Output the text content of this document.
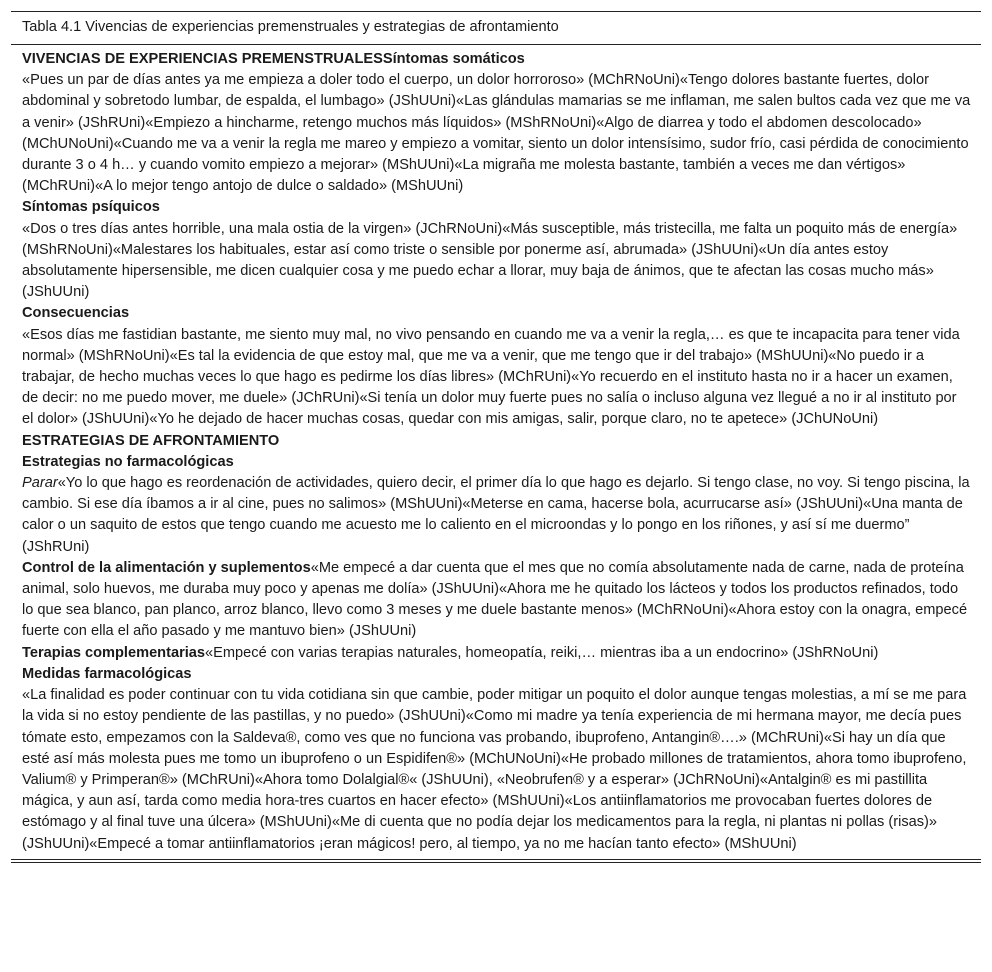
Tabla 4.1 Vivencias de experiencias premenstruales y estrategias de afrontamiento

VIVENCIAS DE EXPERIENCIAS PREMENSTRUALESSíntomas somáticos

«Pues un par de días antes ya me empieza a doler todo el cuerpo, un dolor horroroso» (MChRNoUni)«Tengo dolores bastante fuertes, dolor abdominal y sobretodo lumbar, de espalda, el lumbago» (JShUUni)«Las glándulas mamarias se me inflaman, me salen bultos cada vez que me va a venir» (JShRUni)«Empiezo a hincharme, retengo muchos más líquidos» (MShRNoUni)«Algo de diarrea y todo el abdomen descolocado» (MChUNoUni)«Cuando me va a venir la regla me mareo y empiezo a vomitar, siento un dolor intensísimo, sudor frío, casi pérdida de conocimiento durante 3 o 4 h… y cuando vomito empiezo a mejorar» (MShUUni)«La migraña me molesta bastante, también a veces me dan vértigos» (MChRUni)«A lo mejor tengo antojo de dulce o saldado» (MShUUni)

Síntomas psíquicos

«Dos o tres días antes horrible, una mala ostia de la virgen» (JChRNoUni)«Más susceptible, más tristecilla, me falta un poquito más de energía» (MShRNoUni)«Malestares los habituales, estar así como triste o sensible por ponerme así, abrumada» (JShUUni)«Un día antes estoy absolutamente hipersensible, me dicen cualquier cosa y me puedo echar a llorar, muy baja de ánimos, que te afectan las cosas mucho más» (JShUUni)

Consecuencias

«Esos días me fastidian bastante, me siento muy mal, no vivo pensando en cuando me va a venir la regla,… es que te incapacita para tener vida normal» (MShRNoUni)«Es tal la evidencia de que estoy mal, que me va a venir, que me tengo que ir del trabajo» (MShUUni)«No puedo ir a trabajar, de hecho muchas veces lo que hago es pedirme los días libres» (MChRUni)«Yo recuerdo en el instituto hasta no ir a hacer un examen, de decir: no me puedo mover, me duele» (JChRUni)«Si tenía un dolor muy fuerte pues no salía o incluso alguna vez llegué a no ir al instituto por el dolor» (JShUUni)«Yo he dejado de hacer muchas cosas, quedar con mis amigas, salir, porque claro, no te apetece» (JChUNoUni)

ESTRATEGIAS DE AFRONTAMIENTO

Estrategias no farmacológicas

Parar«Yo lo que hago es reordenación de actividades, quiero decir, el primer día lo que hago es dejarlo. Si tengo clase, no voy. Si tengo piscina, la cambio. Si ese día íbamos a ir al cine, pues no salimos» (MShUUni)«Meterse en cama, hacerse bola, acurrucarse así» (JShUUni)«Una manta de calor o un saquito de estos que tengo cuando me acuesto me lo caliento en el microondas y lo pongo en los riñones, y así sí me duermo” (JShRUni)

Control de la alimentación y suplementos«Me empecé a dar cuenta que el mes que no comía absolutamente nada de carne, nada de proteína animal, solo huevos, me duraba muy poco y apenas me dolía» (JShUUni)«Ahora me he quitado los lácteos y todos los productos refinados, todo lo que sea blanco, pan planco, arroz blanco, llevo como 3 meses y me duele bastante menos» (MChRNoUni)«Ahora estoy con la onagra, empecé fuerte con ella el año pasado y me mantuvo bien» (JShUUni)

Terapias complementarias«Empecé con varias terapias naturales, homeopatía, reiki,… mientras iba a un endocrino» (JShRNoUni)

Medidas farmacológicas

«La finalidad es poder continuar con tu vida cotidiana sin que cambie, poder mitigar un poquito el dolor aunque tengas molestias, a mí se me para la vida si no estoy pendiente de las pastillas, y no puedo» (JShUUni)«Como mi madre ya tenía experiencia de mi hermana mayor, me decía pues tómate esto, empezamos con la Saldeva®, como ves que no funciona vas probando, ibuprofeno, Antangin®….» (MChRUni)«Si hay un día que esté así más molesta pues me tomo un ibuprofeno o un Espidifen®» (MChUNoUni)«He probado millones de tratamientos, ahora tomo ibuprofeno, Valium® y Primperan®» (MChRUni)«Ahora tomo Dolalgial®« (JShUUni), «Neobrufen® y a esperar» (JChRNoUni)«Antalgin® es mi pastillita mágica, y aun así, tarda como media hora-tres cuartos en hacer efecto» (MShUUni)«Los antiinflamatorios me provocaban fuertes dolores de estómago y al final tuve una úlcera» (MShUUni)«Me di cuenta que no podía dejar los medicamentos para la regla, ni plantas ni pollas (risas)» (JShUUni)«Empecé a tomar antiinflamatorios ¡eran mágicos! pero, al tiempo, ya no me hacían tanto efecto» (MShUUni)
